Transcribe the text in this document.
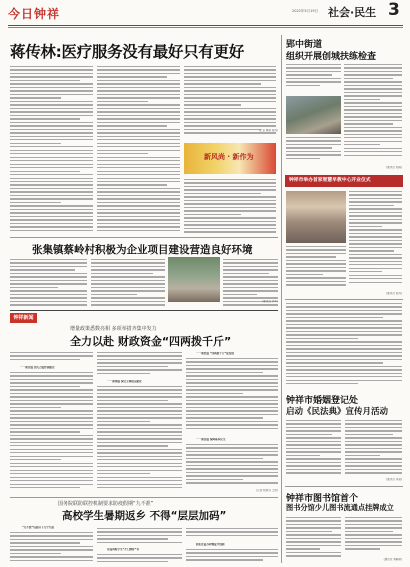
今日钟祥	2022年5月19日 社会·民生 3
蒋传林:医疗服务没有最好只有更好
(记者 曹敏 杨涛)
新风尚 · 新作为
张集镇蔡岭村积极为企业项目建设营造良好环境
(通讯员 李华)
钟祥新闻
增量政策悉数亮相 多项举措齐集中发力
全力以赴 财政资金“四两拨千斤”
一一助企篇 加大力度纾困惠企
一一助项篇 保住主体稳定就业
一一助农篇 “四两拨千斤”促发展
一一助民篇 保障基本民生
(记者 杨德兵 王伟)
国务院联防联控机制要求防疫假期“九不准”
高校学生暑期返乡 不得“层层加码”
“九不准”包括以下几个方面
对高风险学生“开门纳客”等
我们在复苏和恢复中创新
郢中街道
组织开展创城扶练检查
(通讯员 刘雨)
钟祥市举办首家智慧早教中心开业仪式
(通讯员 陈涛)
钟祥市婚姻登记处
启动《民法典》宣传月活动
(通讯员 肖斌)
钟祥市图书馆首个
图书分馆少儿图书流通点挂牌成立
(通讯员 周敏敏)
